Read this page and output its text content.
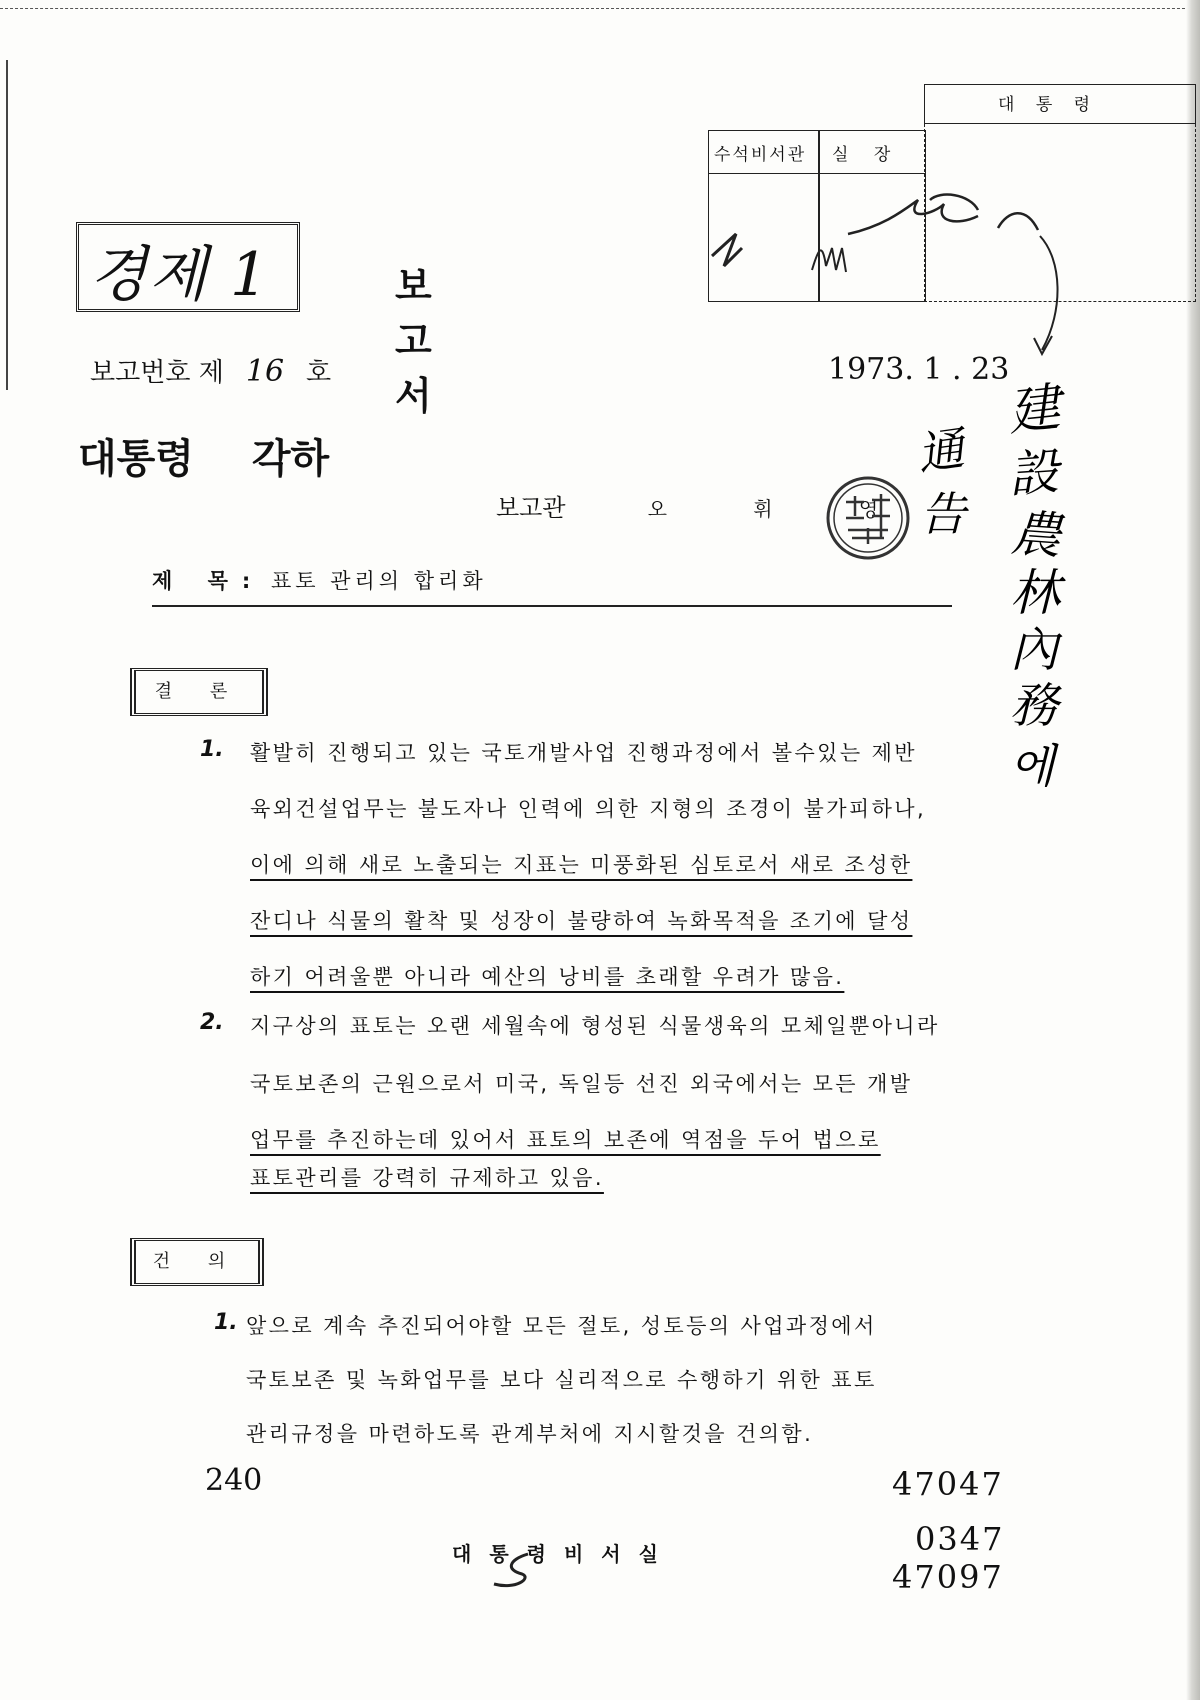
경제 1	보 고 서
수석비서관 실 장
대 통 령
建
設
農
林
內
務
에
通
告
보고번호 제 16 호	1973. 1 . 23
대통령 각하
보고관	오 휘 영
제 목: 표토 관리의 합리화
결 론
1. 활발히 진행되고 있는 국토개발사업 진행과정에서 볼수있는 제반
육외건설업무는 불도자나 인력에 의한 지형의 조경이 불가피하나,
이에 의해 새로 노출되는 지표는 미풍화된 심토로서 새로 조성한
잔디나 식물의 활착 및 성장이 불량하여 녹화목적을 조기에 달성
하기 어려울뿐 아니라 예산의 낭비를 초래할 우려가 많음.
2. 지구상의 표토는 오랜 세월속에 형성된 식물생육의 모체일뿐아니라
국토보존의 근원으로서 미국, 독일등 선진 외국에서는 모든 개발
업무를 추진하는데 있어서 표토의 보존에 역점을 두어 법으로
표토관리를 강력히 규제하고 있음.
건 의
1. 앞으로 계속 추진되어야할 모든 절토, 성토등의 사업과정에서
국토보존 및 녹화업무를 보다 실리적으로 수행하기 위한 표토
관리규정을 마련하도록 관계부처에 지시할것을 건의함.
240
대통령비서실
47047
0347
47097
